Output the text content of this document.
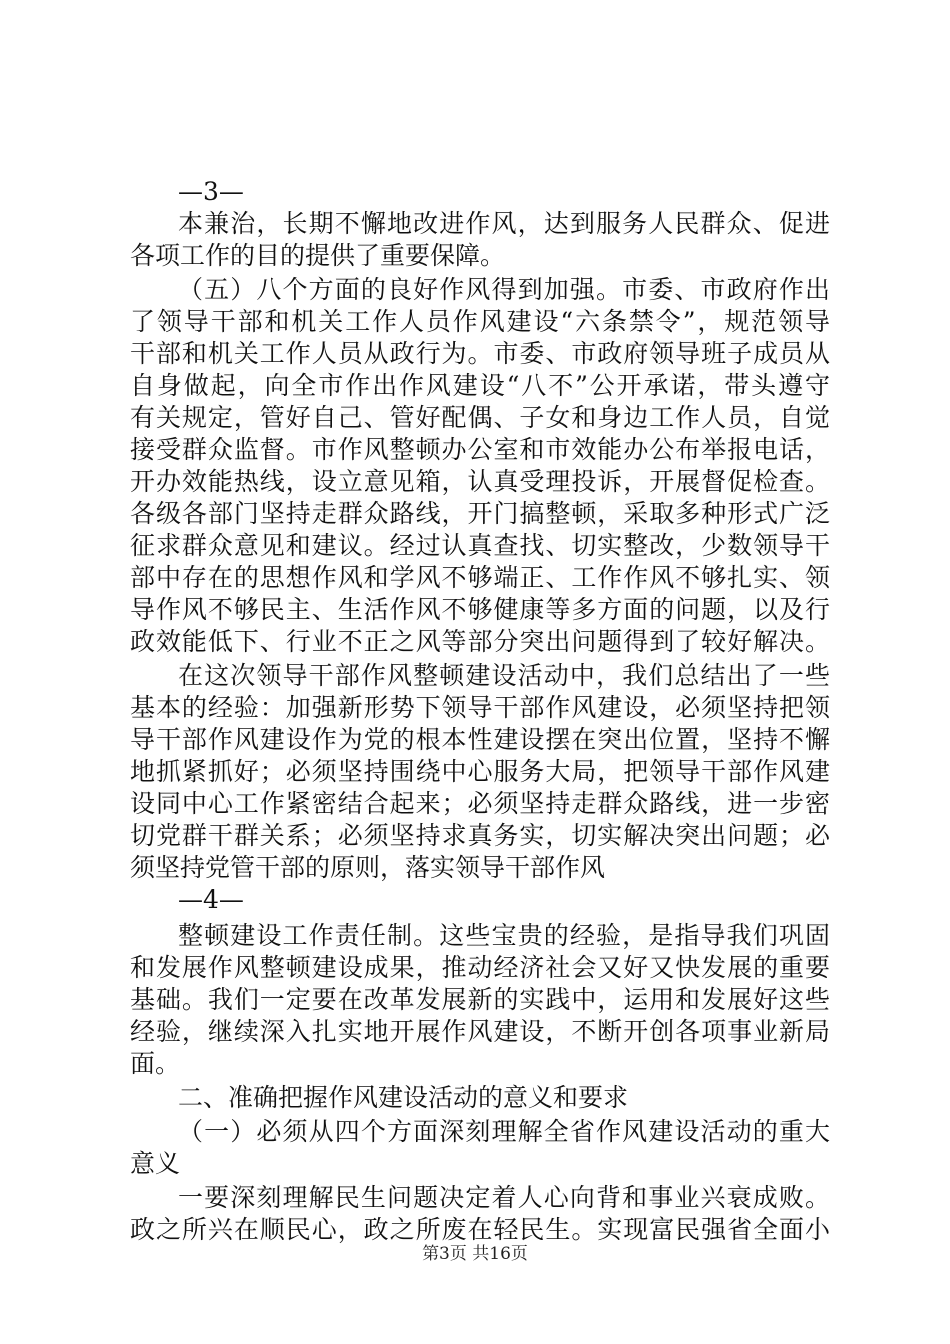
—3—
本兼治，长期不懈地改进作风，达到服务人民群众、促进
各项工作的目的提供了重要保障。
（五）八个方面的良好作风得到加强。市委、市政府作出
了领导干部和机关工作人员作风建设“六条禁令”，规范领导
干部和机关工作人员从政行为。市委、市政府领导班子成员从
自身做起，向全市作出作风建设“八不”公开承诺，带头遵守
有关规定，管好自己、管好配偶、子女和身边工作人员，自觉
接受群众监督。市作风整顿办公室和市效能办公布举报电话，
开办效能热线，设立意见箱，认真受理投诉，开展督促检查。
各级各部门坚持走群众路线，开门搞整顿，采取多种形式广泛
征求群众意见和建议。经过认真查找、切实整改，少数领导干
部中存在的思想作风和学风不够端正、工作作风不够扎实、领
导作风不够民主、生活作风不够健康等多方面的问题，以及行
政效能低下、行业不正之风等部分突出问题得到了较好解决。
在这次领导干部作风整顿建设活动中，我们总结出了一些
基本的经验：加强新形势下领导干部作风建设，必须坚持把领
导干部作风建设作为党的根本性建设摆在突出位置，坚持不懈
地抓紧抓好；必须坚持围绕中心服务大局，把领导干部作风建
设同中心工作紧密结合起来；必须坚持走群众路线，进一步密
切党群干群关系；必须坚持求真务实，切实解决突出问题；必
须坚持党管干部的原则，落实领导干部作风
—4—
整顿建设工作责任制。这些宝贵的经验，是指导我们巩固
和发展作风整顿建设成果，推动经济社会又好又快发展的重要
基础。我们一定要在改革发展新的实践中，运用和发展好这些
经验，继续深入扎实地开展作风建设，不断开创各项事业新局
面。
二、准确把握作风建设活动的意义和要求
（一）必须从四个方面深刻理解全省作风建设活动的重大
意义
一要深刻理解民生问题决定着人心向背和事业兴衰成败。
政之所兴在顺民心，政之所废在轻民生。实现富民强省全面小
第3页 共16页
